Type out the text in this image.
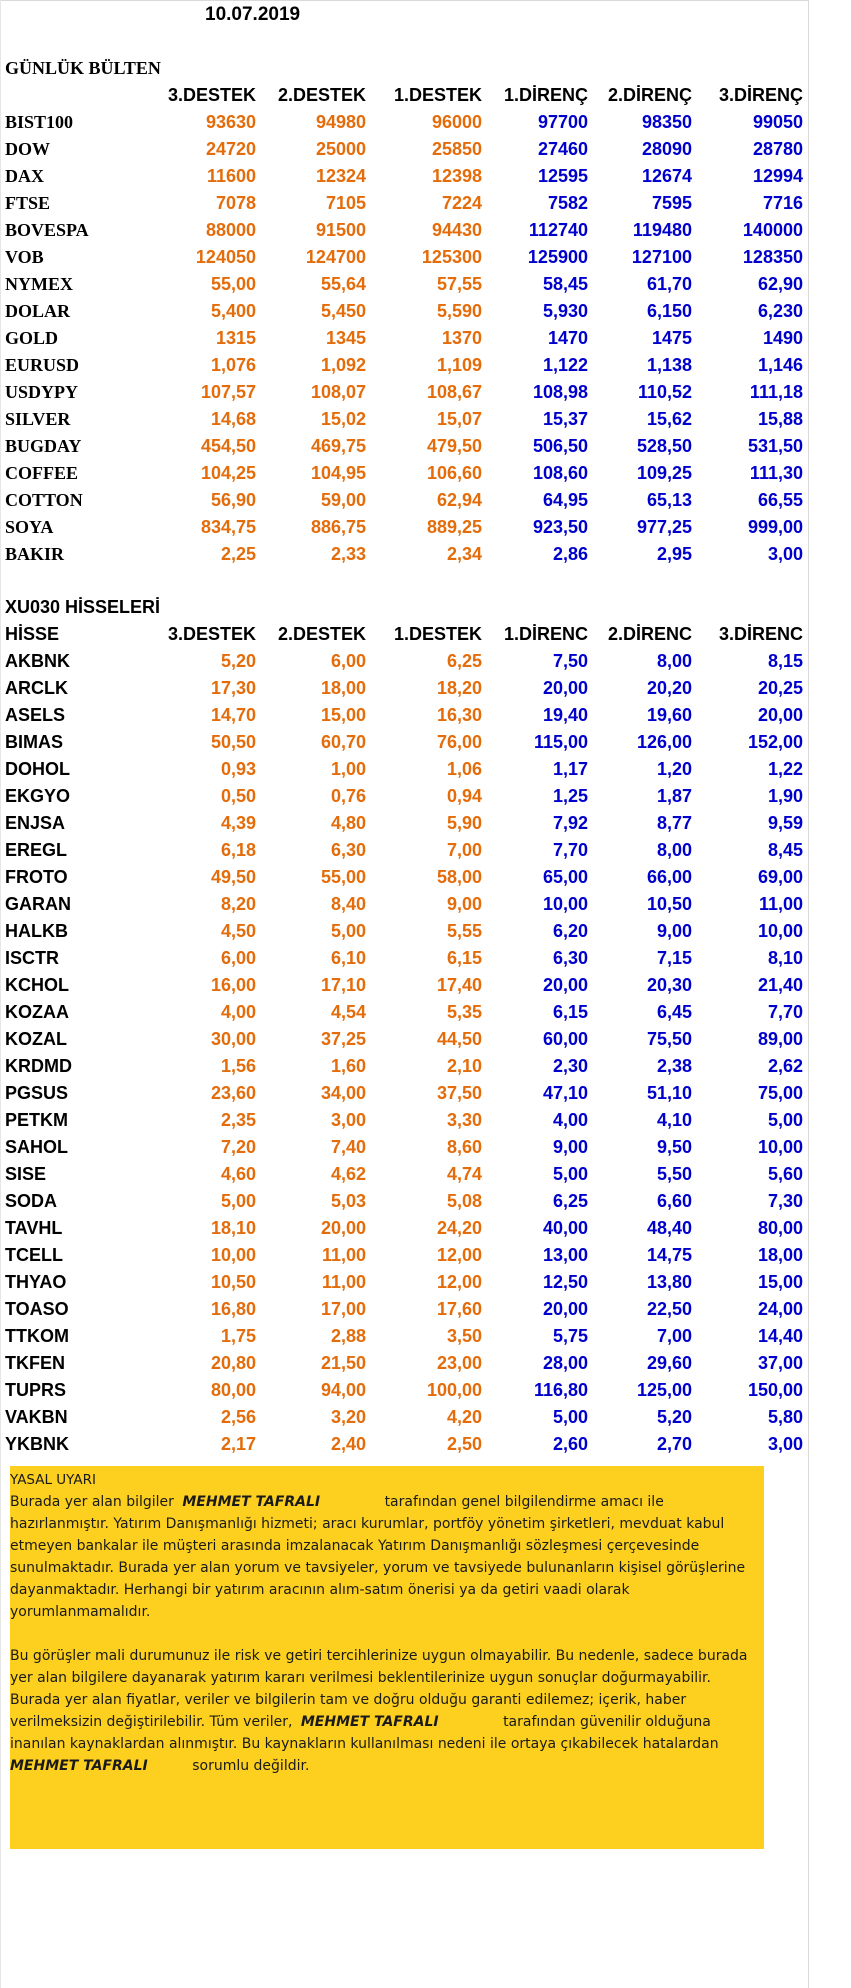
10.07.2019
GÜNLÜK BÜLTEN
3.DESTEK	2.DESTEK	1.DESTEK	1.DİRENÇ	2.DİRENÇ	3.DİRENÇ
BIST100	93630	94980	96000	97700	98350	99050
DOW	24720	25000	25850	27460	28090	28780
DAX	11600	12324	12398	12595	12674	12994
FTSE	7078	7105	7224	7582	7595	7716
BOVESPA	88000	91500	94430	112740	119480	140000
VOB	124050	124700	125300	125900	127100	128350
NYMEX	55,00	55,64	57,55	58,45	61,70	62,90
DOLAR	5,400	5,450	5,590	5,930	6,150	6,230
GOLD	1315	1345	1370	1470	1475	1490
EURUSD	1,076	1,092	1,109	1,122	1,138	1,146
USDYPY	107,57	108,07	108,67	108,98	110,52	111,18
SILVER	14,68	15,02	15,07	15,37	15,62	15,88
BUGDAY	454,50	469,75	479,50	506,50	528,50	531,50
COFFEE	104,25	104,95	106,60	108,60	109,25	111,30
COTTON	56,90	59,00	62,94	64,95	65,13	66,55
SOYA	834,75	886,75	889,25	923,50	977,25	999,00
BAKIR	2,25	2,33	2,34	2,86	2,95	3,00
XU030 HİSSELERİ
HİSSE	3.DESTEK	2.DESTEK	1.DESTEK	1.DİRENC	2.DİRENC	3.DİRENC
AKBNK	5,20	6,00	6,25	7,50	8,00	8,15
ARCLK	17,30	18,00	18,20	20,00	20,20	20,25
ASELS	14,70	15,00	16,30	19,40	19,60	20,00
BIMAS	50,50	60,70	76,00	115,00	126,00	152,00
DOHOL	0,93	1,00	1,06	1,17	1,20	1,22
EKGYO	0,50	0,76	0,94	1,25	1,87	1,90
ENJSA	4,39	4,80	5,90	7,92	8,77	9,59
EREGL	6,18	6,30	7,00	7,70	8,00	8,45
FROTO	49,50	55,00	58,00	65,00	66,00	69,00
GARAN	8,20	8,40	9,00	10,00	10,50	11,00
HALKB	4,50	5,00	5,55	6,20	9,00	10,00
ISCTR	6,00	6,10	6,15	6,30	7,15	8,10
KCHOL	16,00	17,10	17,40	20,00	20,30	21,40
KOZAA	4,00	4,54	5,35	6,15	6,45	7,70
KOZAL	30,00	37,25	44,50	60,00	75,50	89,00
KRDMD	1,56	1,60	2,10	2,30	2,38	2,62
PGSUS	23,60	34,00	37,50	47,10	51,10	75,00
PETKM	2,35	3,00	3,30	4,00	4,10	5,00
SAHOL	7,20	7,40	8,60	9,00	9,50	10,00
SISE	4,60	4,62	4,74	5,00	5,50	5,60
SODA	5,00	5,03	5,08	6,25	6,60	7,30
TAVHL	18,10	20,00	24,20	40,00	48,40	80,00
TCELL	10,00	11,00	12,00	13,00	14,75	18,00
THYAO	10,50	11,00	12,00	12,50	13,80	15,00
TOASO	16,80	17,00	17,60	20,00	22,50	24,00
TTKOM	1,75	2,88	3,50	5,75	7,00	14,40
TKFEN	20,80	21,50	23,00	28,00	29,60	37,00
TUPRS	80,00	94,00	100,00	116,80	125,00	150,00
VAKBN	2,56	3,20	4,20	5,00	5,20	5,80
YKBNK	2,17	2,40	2,50	2,60	2,70	3,00

YASAL UYARI

Burada yer alan bilgiler MEHMET TAFRALI	tarafından genel bilgilendirme amacı ile hazırlanmıştır. Yatırım Danışmanlığı hizmeti; aracı kurumlar, portföy yönetim şirketleri, mevduat kabul etmeyen bankalar ile müşteri arasında imzalanacak Yatırım Danışmanlığı sözleşmesi çerçevesinde sunulmaktadır. Burada yer alan yorum ve tavsiyeler, yorum ve tavsiyede bulunanların kişisel görüşlerine dayanmaktadır. Herhangi bir yatırım aracının alım-satım önerisi ya da getiri vaadi olarak yorumlanmamalıdır.

Bu görüşler mali durumunuz ile risk ve getiri tercihlerinize uygun olmayabilir. Bu nedenle, sadece burada yer alan bilgilere dayanarak yatırım kararı verilmesi beklentilerinize uygun sonuçlar doğurmayabilir.

Burada yer alan fiyatlar, veriler ve bilgilerin tam ve doğru olduğu garanti edilemez; içerik, haber verilmeksizin değiştirilebilir. Tüm veriler, MEHMET TAFRALI	tarafından güvenilir olduğuna inanılan kaynaklardan alınmıştır. Bu kaynakların kullanılması nedeni ile ortaya çıkabilecek hatalardan MEHMET TAFRALI	sorumlu değildir.
